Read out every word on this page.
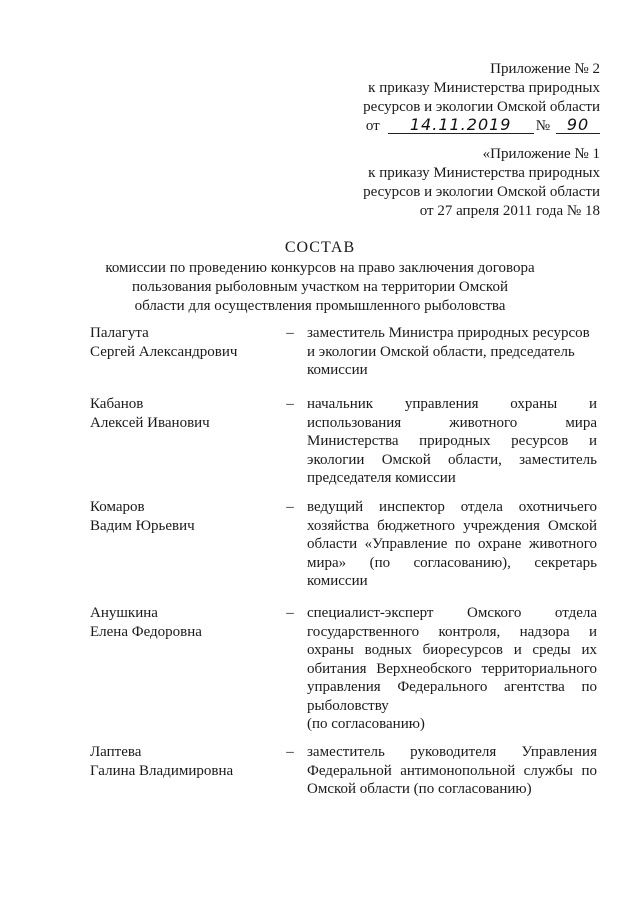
Приложение № 2
к приказу Министерства природных
ресурсов и экологии Омской области
от	14.11.2019	№	90
«Приложение № 1
к приказу Министерства природных
ресурсов и экологии Омской области
от 27 апреля 2011 года № 18
СОСТАВ
комиссии по проведению конкурсов на право заключения договора
пользования рыболовным участком на территории Омской
области для осуществления промышленного рыболовства
Палагута
Сергей Александрович
– заместитель Министра природных ресурсов
и экологии Омской области, председатель
комиссии
Кабанов
Алексей Иванович
– начальник управления охраны и
использования животного мира
Министерства природных ресурсов и
экологии Омской области, заместитель
председателя комиссии
Комаров
Вадим Юрьевич
– ведущий инспектор отдела охотничьего
хозяйства бюджетного учреждения Омской
области «Управление по охране животного
мира» (по согласованию), секретарь
комиссии
Анушкина
Елена Федоровна
– специалист-эксперт Омского отдела
государственного контроля, надзора и
охраны водных биоресурсов и среды их
обитания Верхнеобского территориального
управления Федерального агентства по
рыболовству
(по согласованию)
Лаптева
Галина Владимировна
– заместитель руководителя Управления
Федеральной антимонопольной службы по
Омской области (по согласованию)
